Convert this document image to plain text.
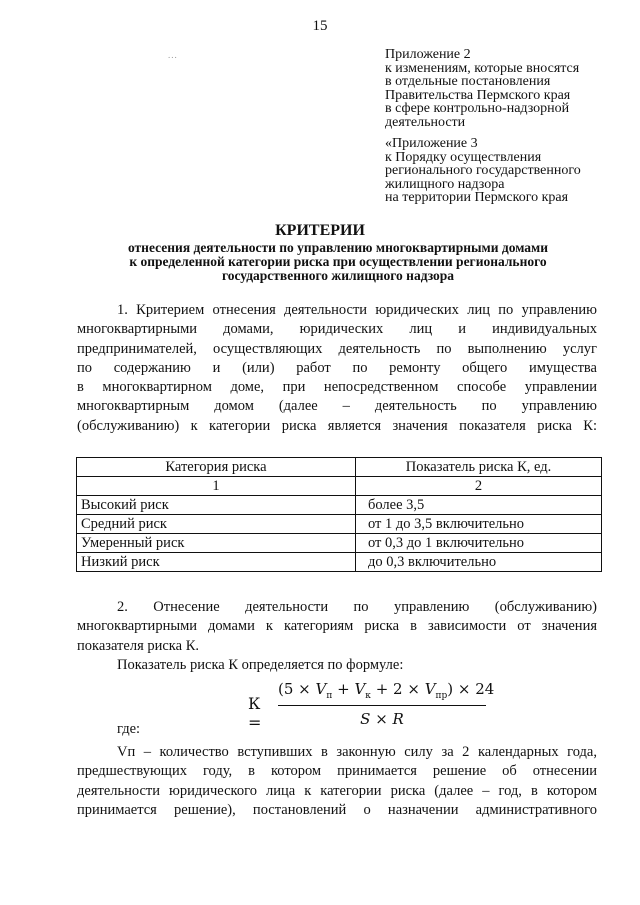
15
...	Приложение 2
к изменениям, которые вносятся
в отдельные постановления
Правительства Пермского края
в сфере контрольно-надзорной
деятельности
«Приложение 3
к Порядку осуществления
регионального государственного
жилищного надзора
на территории Пермского края
КРИТЕРИИ
отнесения деятельности по управлению многоквартирными домами
к определенной категории риска при осуществлении регионального
государственного жилищного надзора
1. Критерием отнесения деятельности юридических лиц по управлению
многоквартирными домами, юридических лиц и индивидуальных
предпринимателей, осуществляющих деятельность по выполнению услуг
по содержанию и (или) работ по ремонту общего имущества
в многоквартирном доме, при непосредственном способе управлении
многоквартирным домом (далее – деятельность по управлению
(обслуживанию) к категории риска является значения показателя риска К:
Категория риска	Показатель риска К, ед.
1	2
Высокий риск	более 3,5
Средний риск	от 1 до 3,5 включительно
Умеренный риск	от 0,3 до 1 включительно
Низкий риск	до 0,3 включительно
2. Отнесение деятельности по управлению (обслуживанию)
многоквартирными домами к категориям риска в зависимости от значения
показателя риска К.
Показатель риска К определяется по формуле:
К =
$(5 \times V_п + V_к + 2 \times V_{пр}) \times 24$
S × R
где:
Vп – количество вступивших в законную силу за 2 календарных года,
предшествующих году, в котором принимается решение об отнесении
деятельности юридического лица к категории риска (далее – год, в котором
принимается решение), постановлений о назначении административного
